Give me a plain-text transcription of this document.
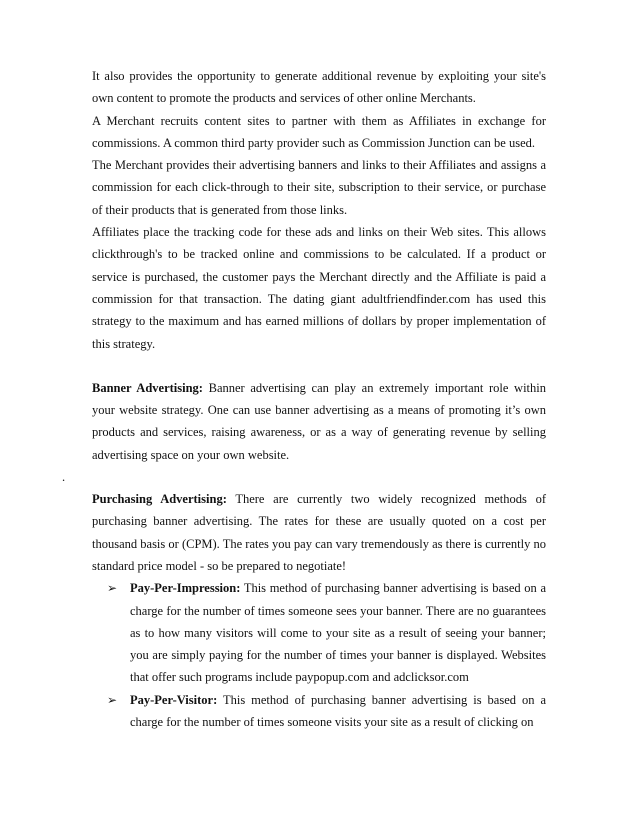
It also provides the opportunity to generate additional revenue by exploiting your site's own content to promote the products and services of other online Merchants.

A Merchant recruits content sites to partner with them as Affiliates in exchange for commissions. A common third party provider such as Commission Junction can be used.

The Merchant provides their advertising banners and links to their Affiliates and assigns a commission for each click-through to their site, subscription to their service, or purchase of their products that is generated from those links.

Affiliates place the tracking code for these ads and links on their Web sites. This allows clickthrough's to be tracked online and commissions to be calculated. If a product or service is purchased, the customer pays the Merchant directly and the Affiliate is paid a commission for that transaction. The dating giant adultfriendfinder.com has used this strategy to the maximum and has earned millions of dollars by proper implementation of this strategy.

Banner Advertising: Banner advertising can play an extremely important role within your website strategy. One can use banner advertising as a means of promoting it’s own products and services, raising awareness, or as a way of generating revenue by selling advertising space on your own website.

.

Purchasing Advertising: There are currently two widely recognized methods of purchasing banner advertising. The rates for these are usually quoted on a cost per thousand basis or (CPM). The rates you pay can vary tremendously as there is currently no standard price model - so be prepared to negotiate!

➢ Pay-Per-Impression: This method of purchasing banner advertising is based on a charge for the number of times someone sees your banner. There are no guarantees as to how many visitors will come to your site as a result of seeing your banner; you are simply paying for the number of times your banner is displayed. Websites that offer such programs include paypopup.com and adclicksor.com
➢ Pay-Per-Visitor: This method of purchasing banner advertising is based on a charge for the number of times someone visits your site as a result of clicking on
